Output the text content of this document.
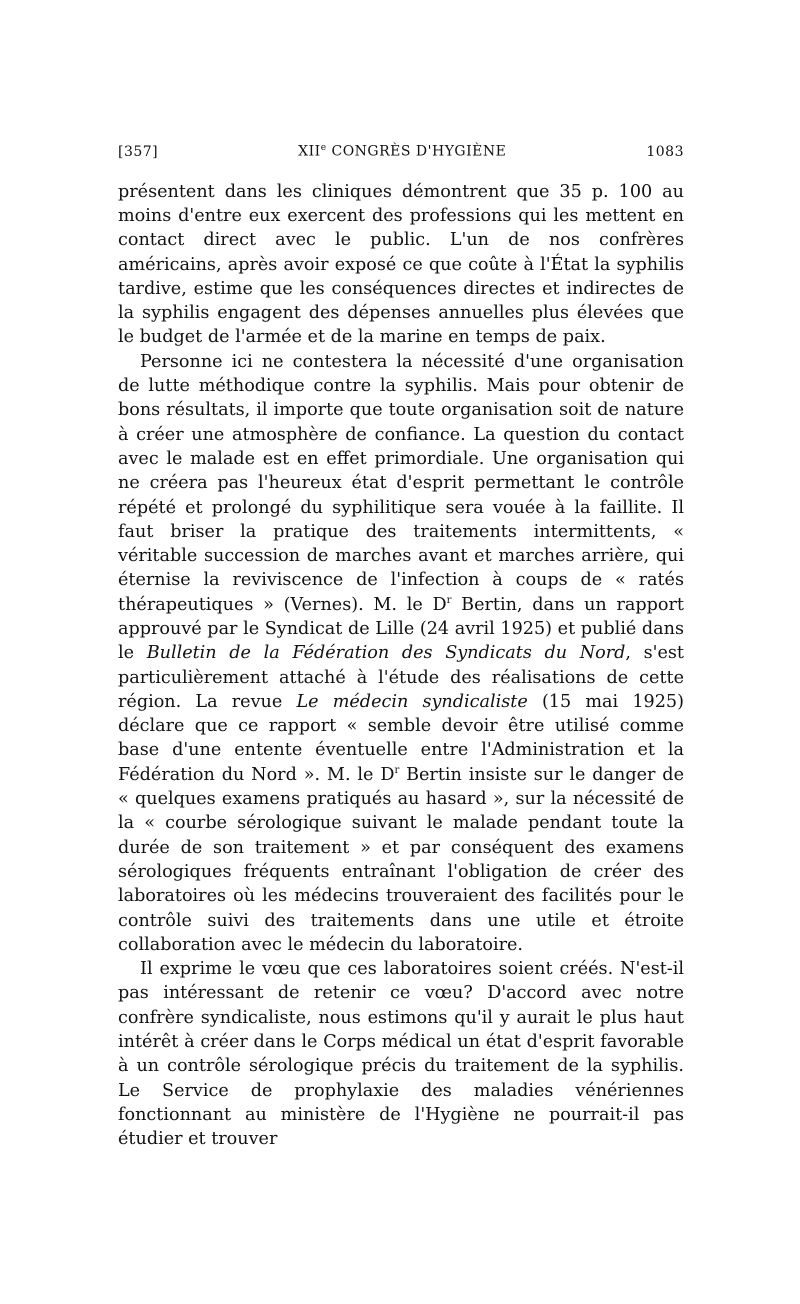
[357]	XIIe CONGRÈS D'HYGIÈNE	1083

présentent dans les cliniques démontrent que 35 p. 100 au moins d'entre eux exercent des professions qui les mettent en contact direct avec le public. L'un de nos confrères américains, après avoir exposé ce que coûte à l'État la syphilis tardive, estime que les conséquences directes et indirectes de la syphilis engagent des dépenses annuelles plus élevées que le budget de l'armée et de la marine en temps de paix.

Personne ici ne contestera la nécessité d'une organisation de lutte méthodique contre la syphilis. Mais pour obtenir de bons résultats, il importe que toute organisation soit de nature à créer une atmosphère de confiance. La question du contact avec le malade est en effet primordiale. Une organisation qui ne créera pas l'heureux état d'esprit permettant le contrôle répété et prolongé du syphilitique sera vouée à la faillite. Il faut briser la pratique des traitements intermittents, « véritable succession de marches avant et marches arrière, qui éternise la reviviscence de l'infection à coups de « ratés thérapeutiques » (Vernes). M. le $D^r$ Bertin, dans un rapport approuvé par le Syndicat de Lille (24 avril 1925) et publié dans le Bulletin de la Fédération des Syndicats du Nord, s'est particulièrement attaché à l'étude des réalisations de cette région. La revue Le médecin syndicaliste (15 mai 1925) déclare que ce rapport « semble devoir être utilisé comme base d'une entente éventuelle entre l'Administration et la Fédération du Nord ». M. le $D^r$ Bertin insiste sur le danger de « quelques examens pratiqués au hasard », sur la nécessité de la « courbe sérologique suivant le malade pendant toute la durée de son traitement » et par conséquent des examens sérologiques fréquents entraînant l'obligation de créer des laboratoires où les médecins trouveraient des facilités pour le contrôle suivi des traitements dans une utile et étroite collaboration avec le médecin du laboratoire.

Il exprime le vœu que ces laboratoires soient créés. N'est-il pas intéressant de retenir ce vœu? D'accord avec notre confrère syndicaliste, nous estimons qu'il y aurait le plus haut intérêt à créer dans le Corps médical un état d'esprit favorable à un contrôle sérologique précis du traitement de la syphilis. Le Service de prophylaxie des maladies vénériennes fonctionnant au ministère de l'Hygiène ne pourrait-il pas étudier et trouver
